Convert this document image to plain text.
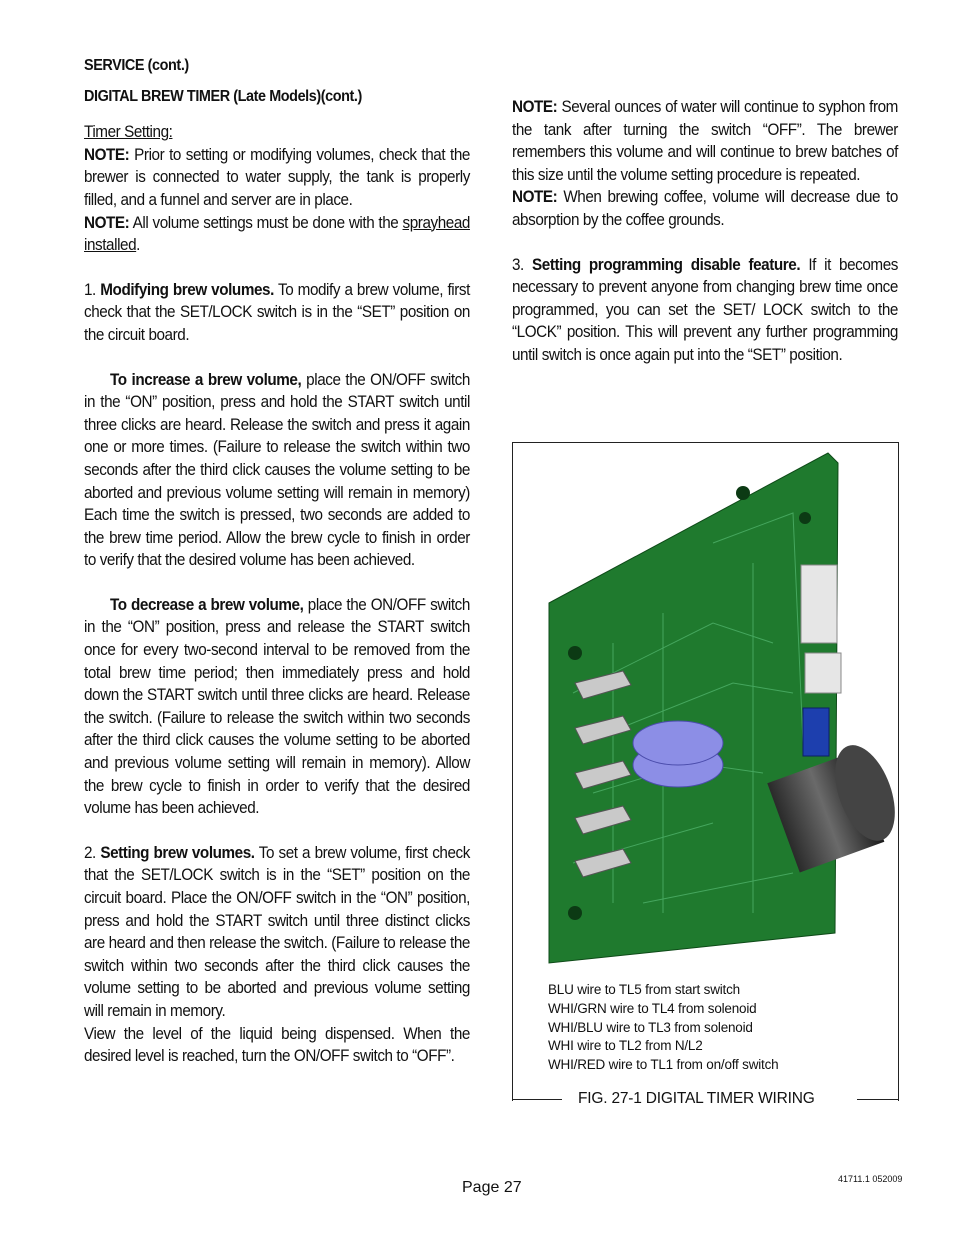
SERVICE (cont.)
DIGITAL BREW TIMER (Late Models)(cont.)

Timer Setting:

NOTE: Prior to setting or modifying volumes, check that the brewer is connected to water supply, the tank is properly filled, and a funnel and server are in place.

NOTE: All volume settings must be done with the sprayhead installed.

1. Modifying brew volumes. To modify a brew volume, first check that the SET/LOCK switch is in the “SET” position on the circuit board.

To increase a brew volume, place the ON/OFF switch in the “ON” position, press and hold the START switch until three clicks are heard. Release the switch and press it again one or more times. (Failure to release the switch within two seconds after the third click causes the volume setting to be aborted and previous volume setting will remain in memory) Each time the switch is pressed, two seconds are added to the brew time period. Allow the brew cycle to finish in order to verify that the desired volume has been achieved.

To decrease a brew volume, place the ON/OFF switch in the “ON” position, press and release the START switch once for every two-second interval to be removed from the total brew time period; then immediately press and hold down the START switch until three clicks are heard. Release the switch. (Failure to release the switch within two seconds after the third click causes the volume setting to be aborted and previous volume setting will remain in memory). Allow the brew cycle to finish in order to verify that the desired volume has been achieved.

2. Setting brew volumes. To set a brew volume, first check that the SET/LOCK switch is in the “SET” position on the circuit board. Place the ON/OFF switch in the “ON” position, press and hold the START switch until three distinct clicks are heard and then release the switch. (Failure to release the switch within two seconds after the third click causes the volume setting to be aborted and previous volume setting will remain in memory.

View the level of the liquid being dispensed. When the desired level is reached, turn the ON/OFF switch to “OFF”.

NOTE: Several ounces of water will continue to syphon from the tank after turning the switch “OFF”. The brewer remembers this volume and will continue to brew batches of this size until the volume setting procedure is repeated.

NOTE: When brewing coffee, volume will decrease due to absorption by the coffee grounds.

3. Setting programming disable feature. If it becomes necessary to prevent anyone from changing brew time once programmed, you can set the SET/ LOCK switch to the “LOCK” position. This will prevent any further programming until switch is once again put into the “SET” position.

BLU wire to TL5 from start switch
WHI/GRN wire to TL4 from solenoid
WHI/BLU wire to TL3 from solenoid
WHI wire to TL2 from N/L2
WHI/RED wire to TL1 from on/off switch
FIG. 27-1 DIGITAL TIMER WIRING
Page 27	41711.1 052009
